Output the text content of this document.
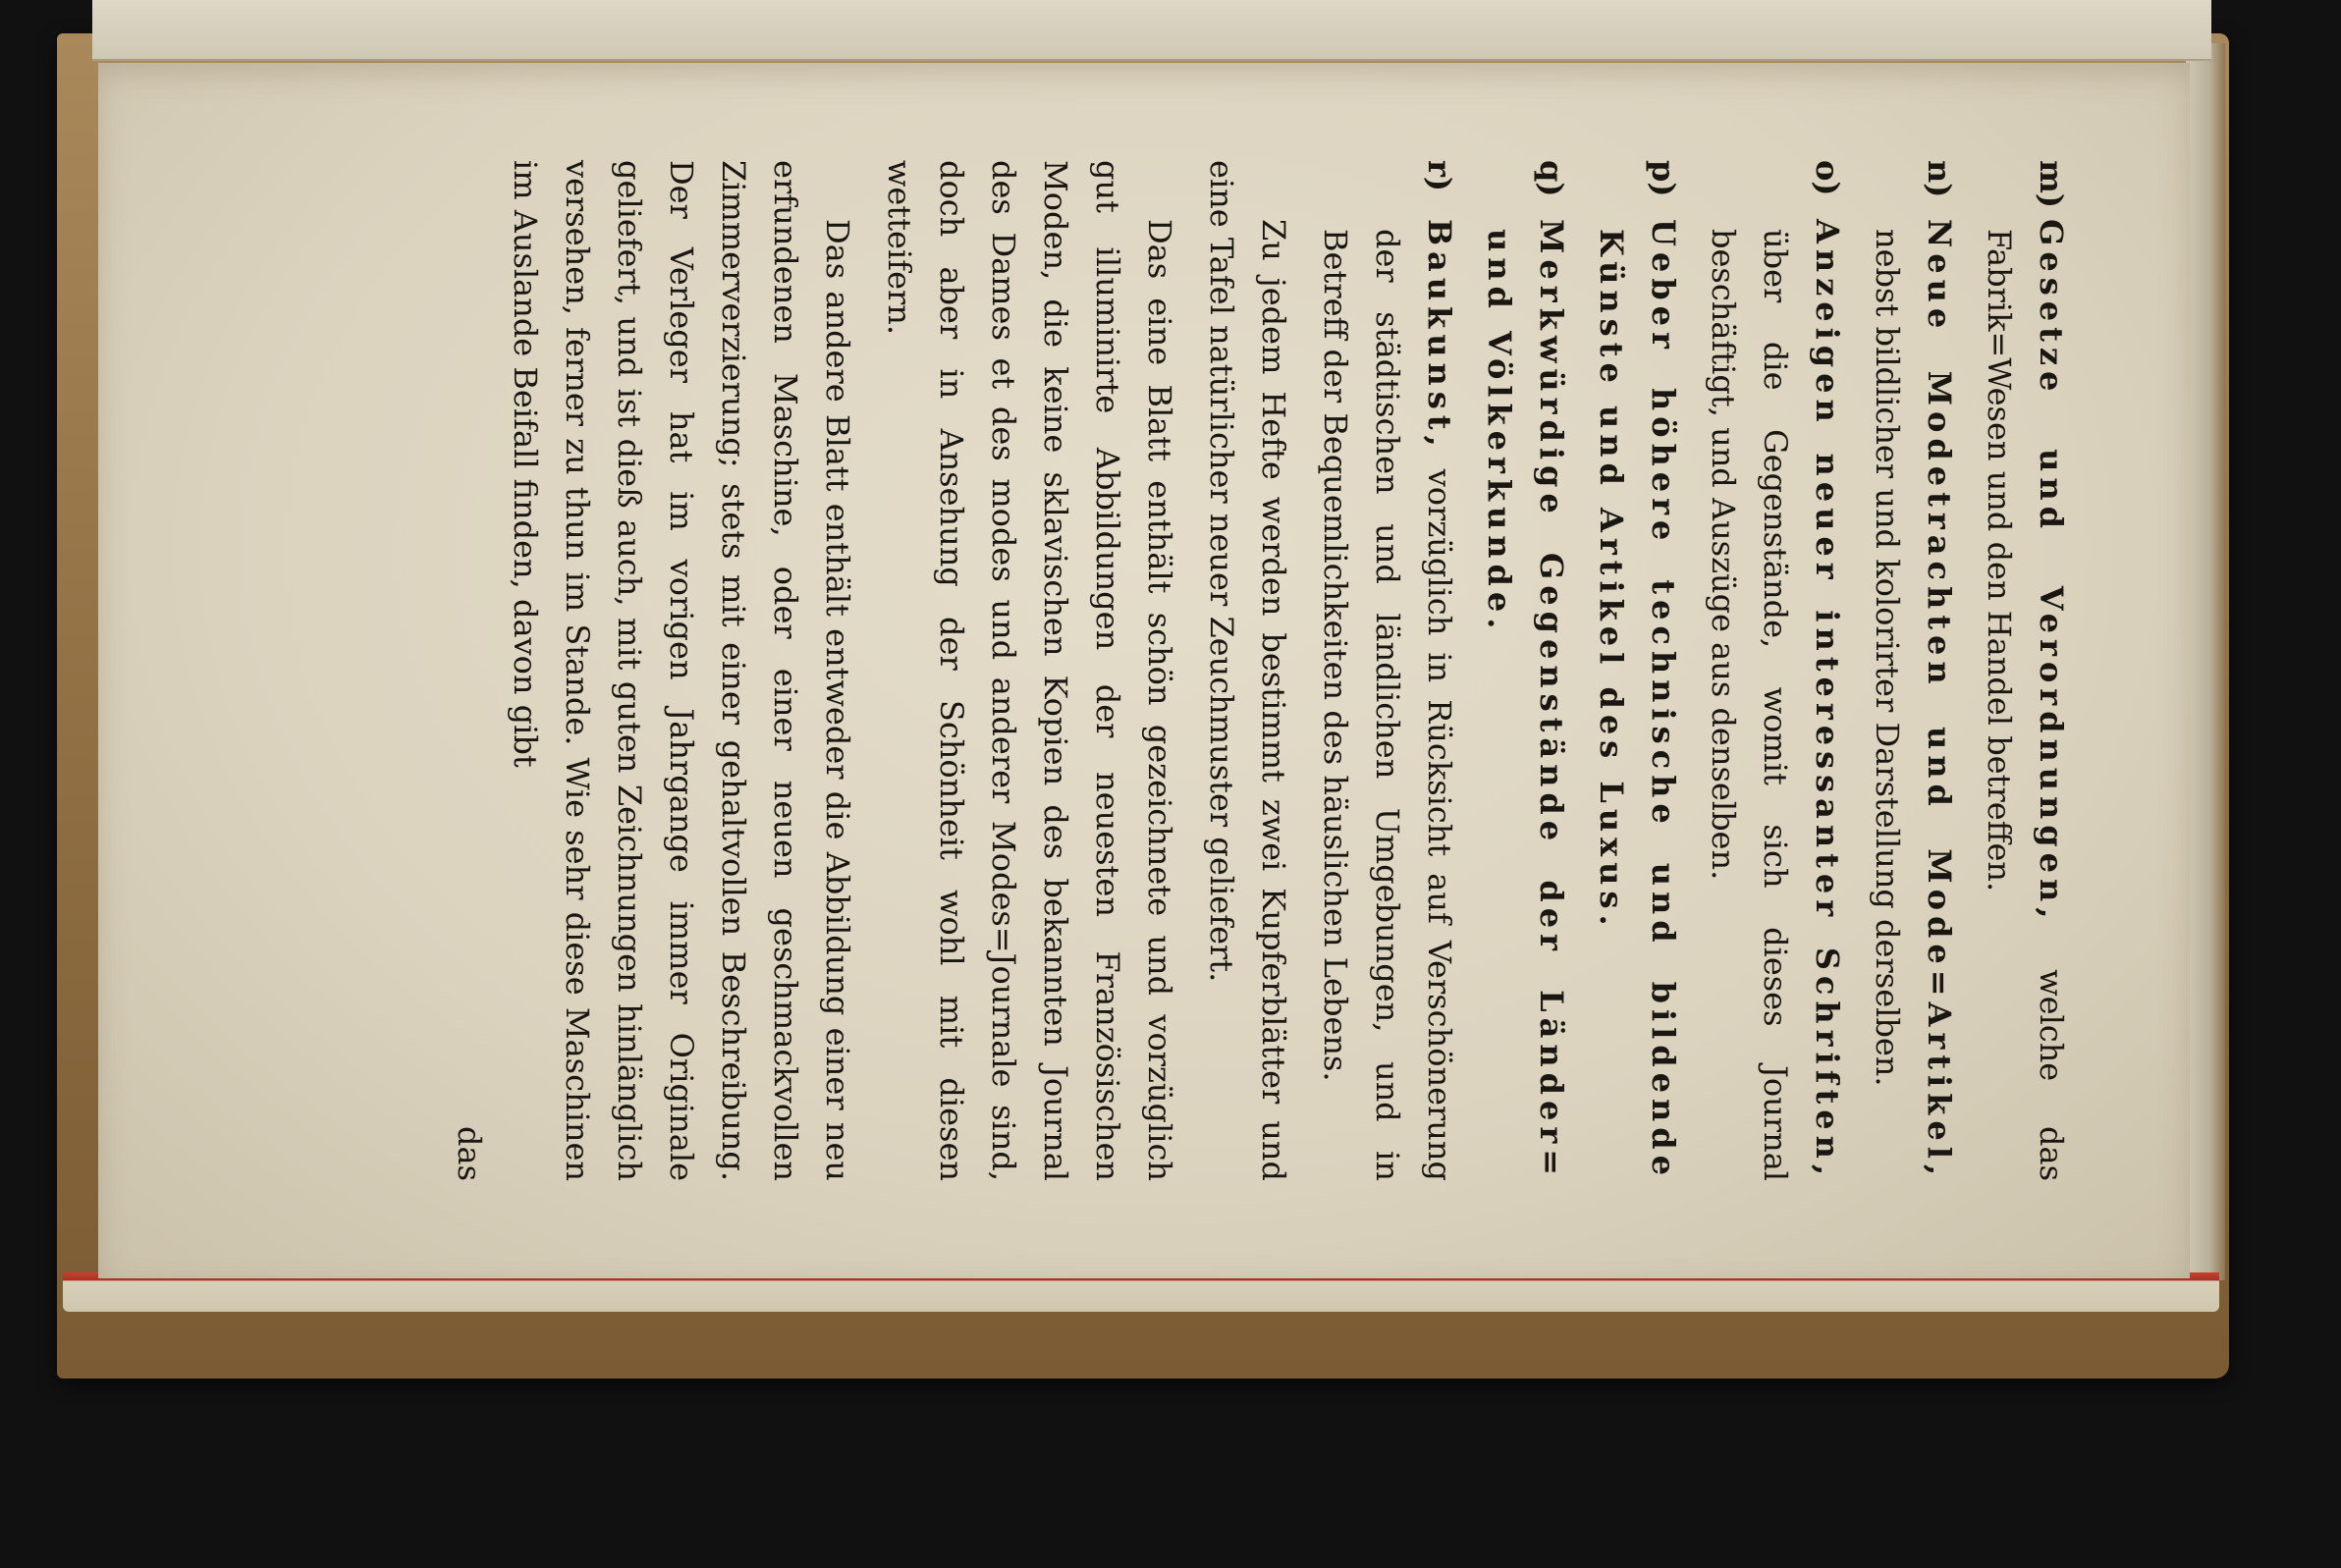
m)Gesetze und Verordnungen, welche das Fabrik=Wesen und den Handel betreffen.

n)Neue Modetrachten und Mode=Artikel, nebst bildlicher und kolorirter Darstellung derselben.

o)Anzeigen neuer interessanter Schriften, über die Gegenstände, womit sich dieses Journal beschäftigt, und Auszüge aus denselben.

p)Ueber höhere technische und bildende Künste und Artikel des Luxus.

q)Merkwürdige Gegenstände der Länder= und Völkerkunde.

r)Baukunst, vorzüglich in Rücksicht auf Verschönerung der städtischen und ländlichen Umgebungen, und in Betreff der Bequemlichkeiten des häuslichen Lebens.

Zu jedem Hefte werden bestimmt zwei Kupferblätter und eine Tafel natürlicher neuer Zeuchmuster geliefert.

Das eine Blatt enthält schön gezeichnete und vorzüglich gut illuminirte Abbildungen der neuesten Französischen Moden, die keine sklavischen Kopien des bekannten Journal des Dames et des modes und anderer Modes=Journale sind, doch aber in Ansehung der Schönheit wohl mit diesen wetteifern.

Das andere Blatt enthält entweder die Abbildung einer neu erfundenen Maschine, oder einer neuen geschmackvollen Zimmerverzierung; stets mit einer gehaltvollen Beschreibung. Der Verleger hat im vorigen Jahrgange immer Originale geliefert, und ist dieß auch, mit guten Zeichnungen hinlänglich versehen, ferner zu thun im Stande. Wie sehr diese Maschinen im Auslande Beifall finden, davon gibt

das
